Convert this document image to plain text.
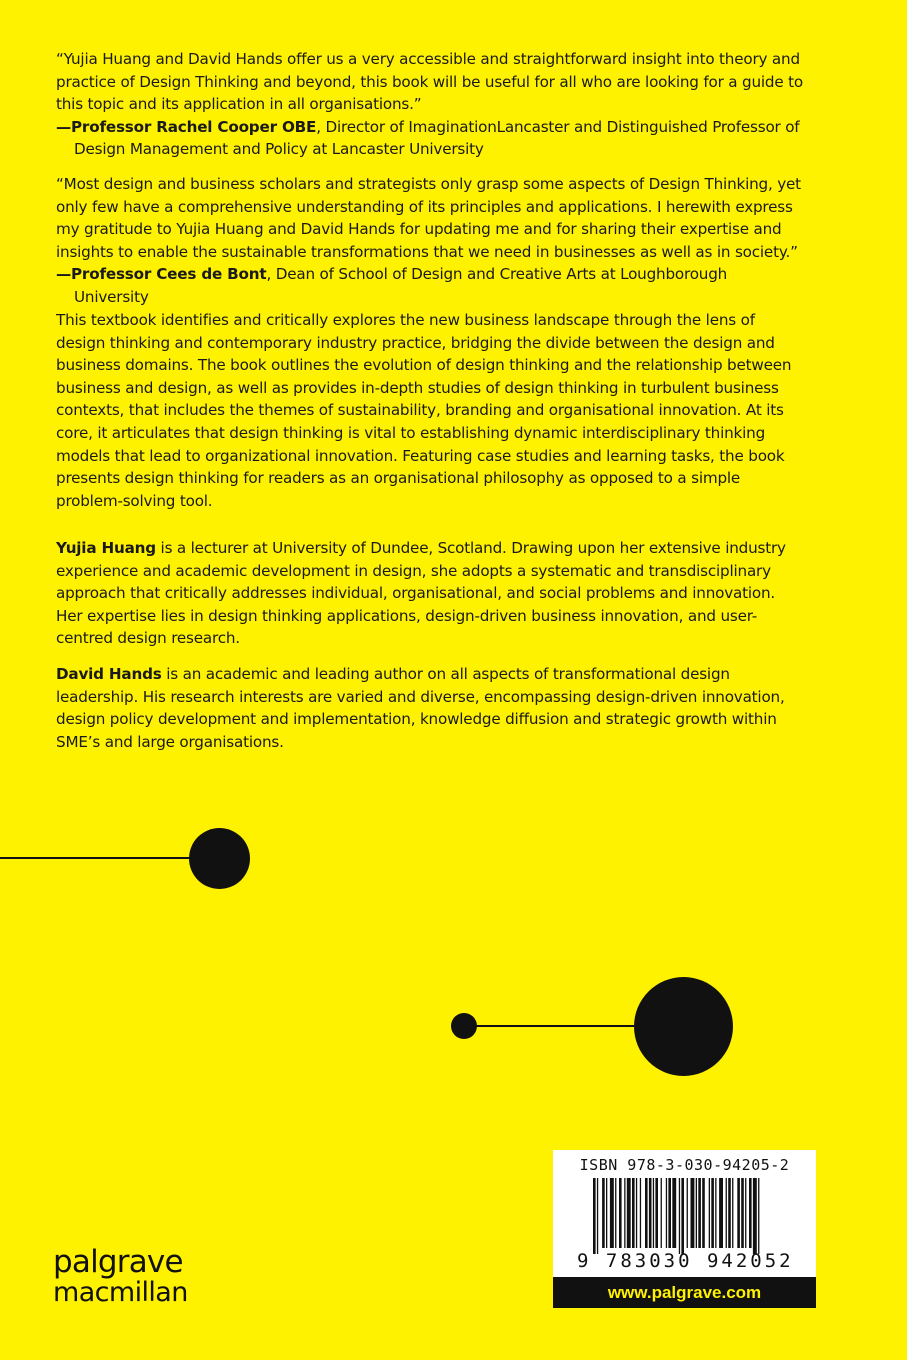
“Yujia Huang and David Hands offer us a very accessible and straightforward insight into theory and practice of Design Thinking and beyond, this book will be useful for all who are looking for a guide to this topic and its application in all organisations.”

—Professor Rachel Cooper OBE, Director of ImaginationLancaster and Distinguished Professor of Design Management and Policy at Lancaster University

“Most design and business scholars and strategists only grasp some aspects of Design Thinking, yet only few have a comprehensive understanding of its principles and applications. I herewith express my gratitude to Yujia Huang and David Hands for updating me and for sharing their expertise and insights to enable the sustainable transformations that we need in businesses as well as in society.”

—Professor Cees de Bont, Dean of School of Design and Creative Arts at Loughborough University

This textbook identifies and critically explores the new business landscape through the lens of design thinking and contemporary industry practice, bridging the divide between the design and business domains. The book outlines the evolution of design thinking and the relationship between business and design, as well as provides in-depth studies of design thinking in turbulent business contexts, that includes the themes of sustainability, branding and organisational innovation. At its core, it articulates that design thinking is vital to establishing dynamic interdisciplinary thinking models that lead to organizational innovation. Featuring case studies and learning tasks, the book presents design thinking for readers as an organisational philosophy as opposed to a simple problem-solving tool.

Yujia Huang is a lecturer at University of Dundee, Scotland. Drawing upon her extensive industry experience and academic development in design, she adopts a systematic and transdisciplinary approach that critically addresses individual, organisational, and social problems and innovation. Her expertise lies in design thinking applications, design-driven business innovation, and user-centred design research.

David Hands is an academic and leading author on all aspects of transformational design leadership. His research interests are varied and diverse, encompassing design-driven innovation, design policy development and implementation, knowledge diffusion and strategic growth within SME’s and large organisations.

ISBN 978-3-030-94205-2
9 783030 942052
www.palgrave.com
palgrave
macmillan
